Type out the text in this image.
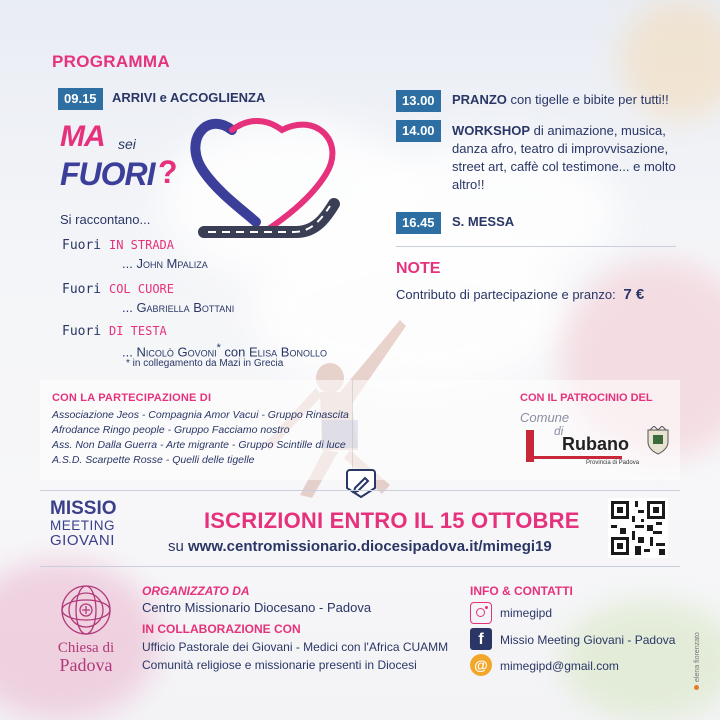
PROGRAMMA
09.15	ARRIVI e ACCOGLIENZA
MA sei
FUORI ?
Si raccontano...
Fuori IN STRADA
... John Mpaliza
Fuori COL CUORE
... Gabriella Bottani
Fuori DI TESTA
... Nicolò Govoni* con Elisa Bonollo
* in collegamento da Mazi in Grecia
13.00	PRANZO con tigelle e bibite per tutti!!
14.00	WORKSHOP di animazione, musica, danza afro, teatro di improvvisazione, street art, caffè col testimone... e molto altro!!
16.45	S. MESSA
NOTE
Contributo di partecipazione e pranzo: 7 €
CON LA PARTECIPAZIONE DI
Associazione Jeos - Compagnia Amor Vacui - Gruppo Rinascita
Afrodance Ringo people - Gruppo Facciamo nostro
Ass. Non Dalla Guerra - Arte migrante - Gruppo Scintille di luce
A.S.D. Scarpette Rosse - Quelli delle tigelle
CON IL PATROCINIO DEL
Comune
di
Rubano
Provincia di Padova
MISSIO
MEETING
GIOVANI
ISCRIZIONI ENTRO IL 15 OTTOBRE
su www.centromissionario.diocesipadova.it/mimegi19
Chiesa di
Padova
ORGANIZZATO DA
Centro Missionario Diocesano - Padova
IN COLLABORAZIONE CON
Ufficio Pastorale dei Giovani - Medici con l'Africa CUAMM
Comunità religiose e missionarie presenti in Diocesi
INFO & CONTATTI
mimegipd
f	Missio Meeting Giovani - Padova
@	mimegipd@gmail.com	elena fiorenzato
